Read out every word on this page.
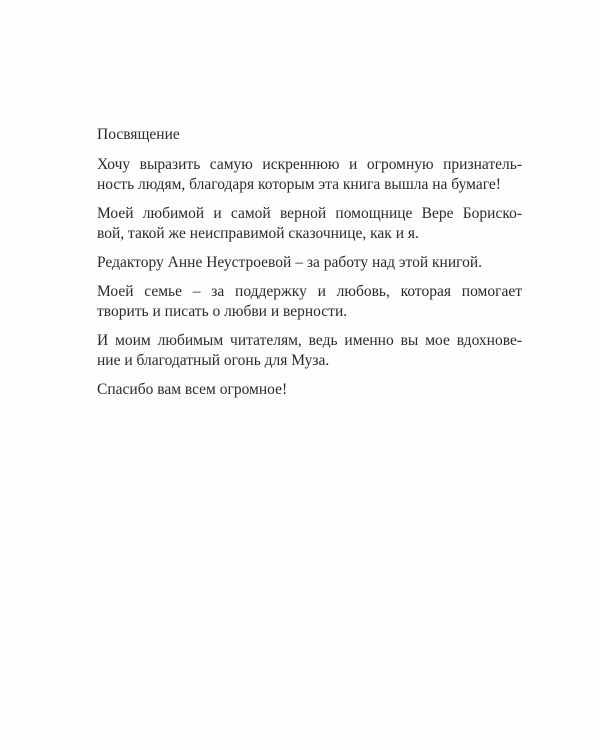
Посвящение
Хочу выразить самую искреннюю и огромную признатель-
ность людям, благодаря которым эта книга вышла на бумаге!
Моей любимой и самой верной помощнице Вере Бориско-
вой, такой же неисправимой сказочнице, как и я.
Редактору Анне Неустроевой – за работу над этой книгой.
Моей семье – за поддержку и любовь, которая помогает
творить и писать о любви и верности.
И моим любимым читателям, ведь именно вы мое вдохнове-
ние и благодатный огонь для Муза.
Спасибо вам всем огромное!
